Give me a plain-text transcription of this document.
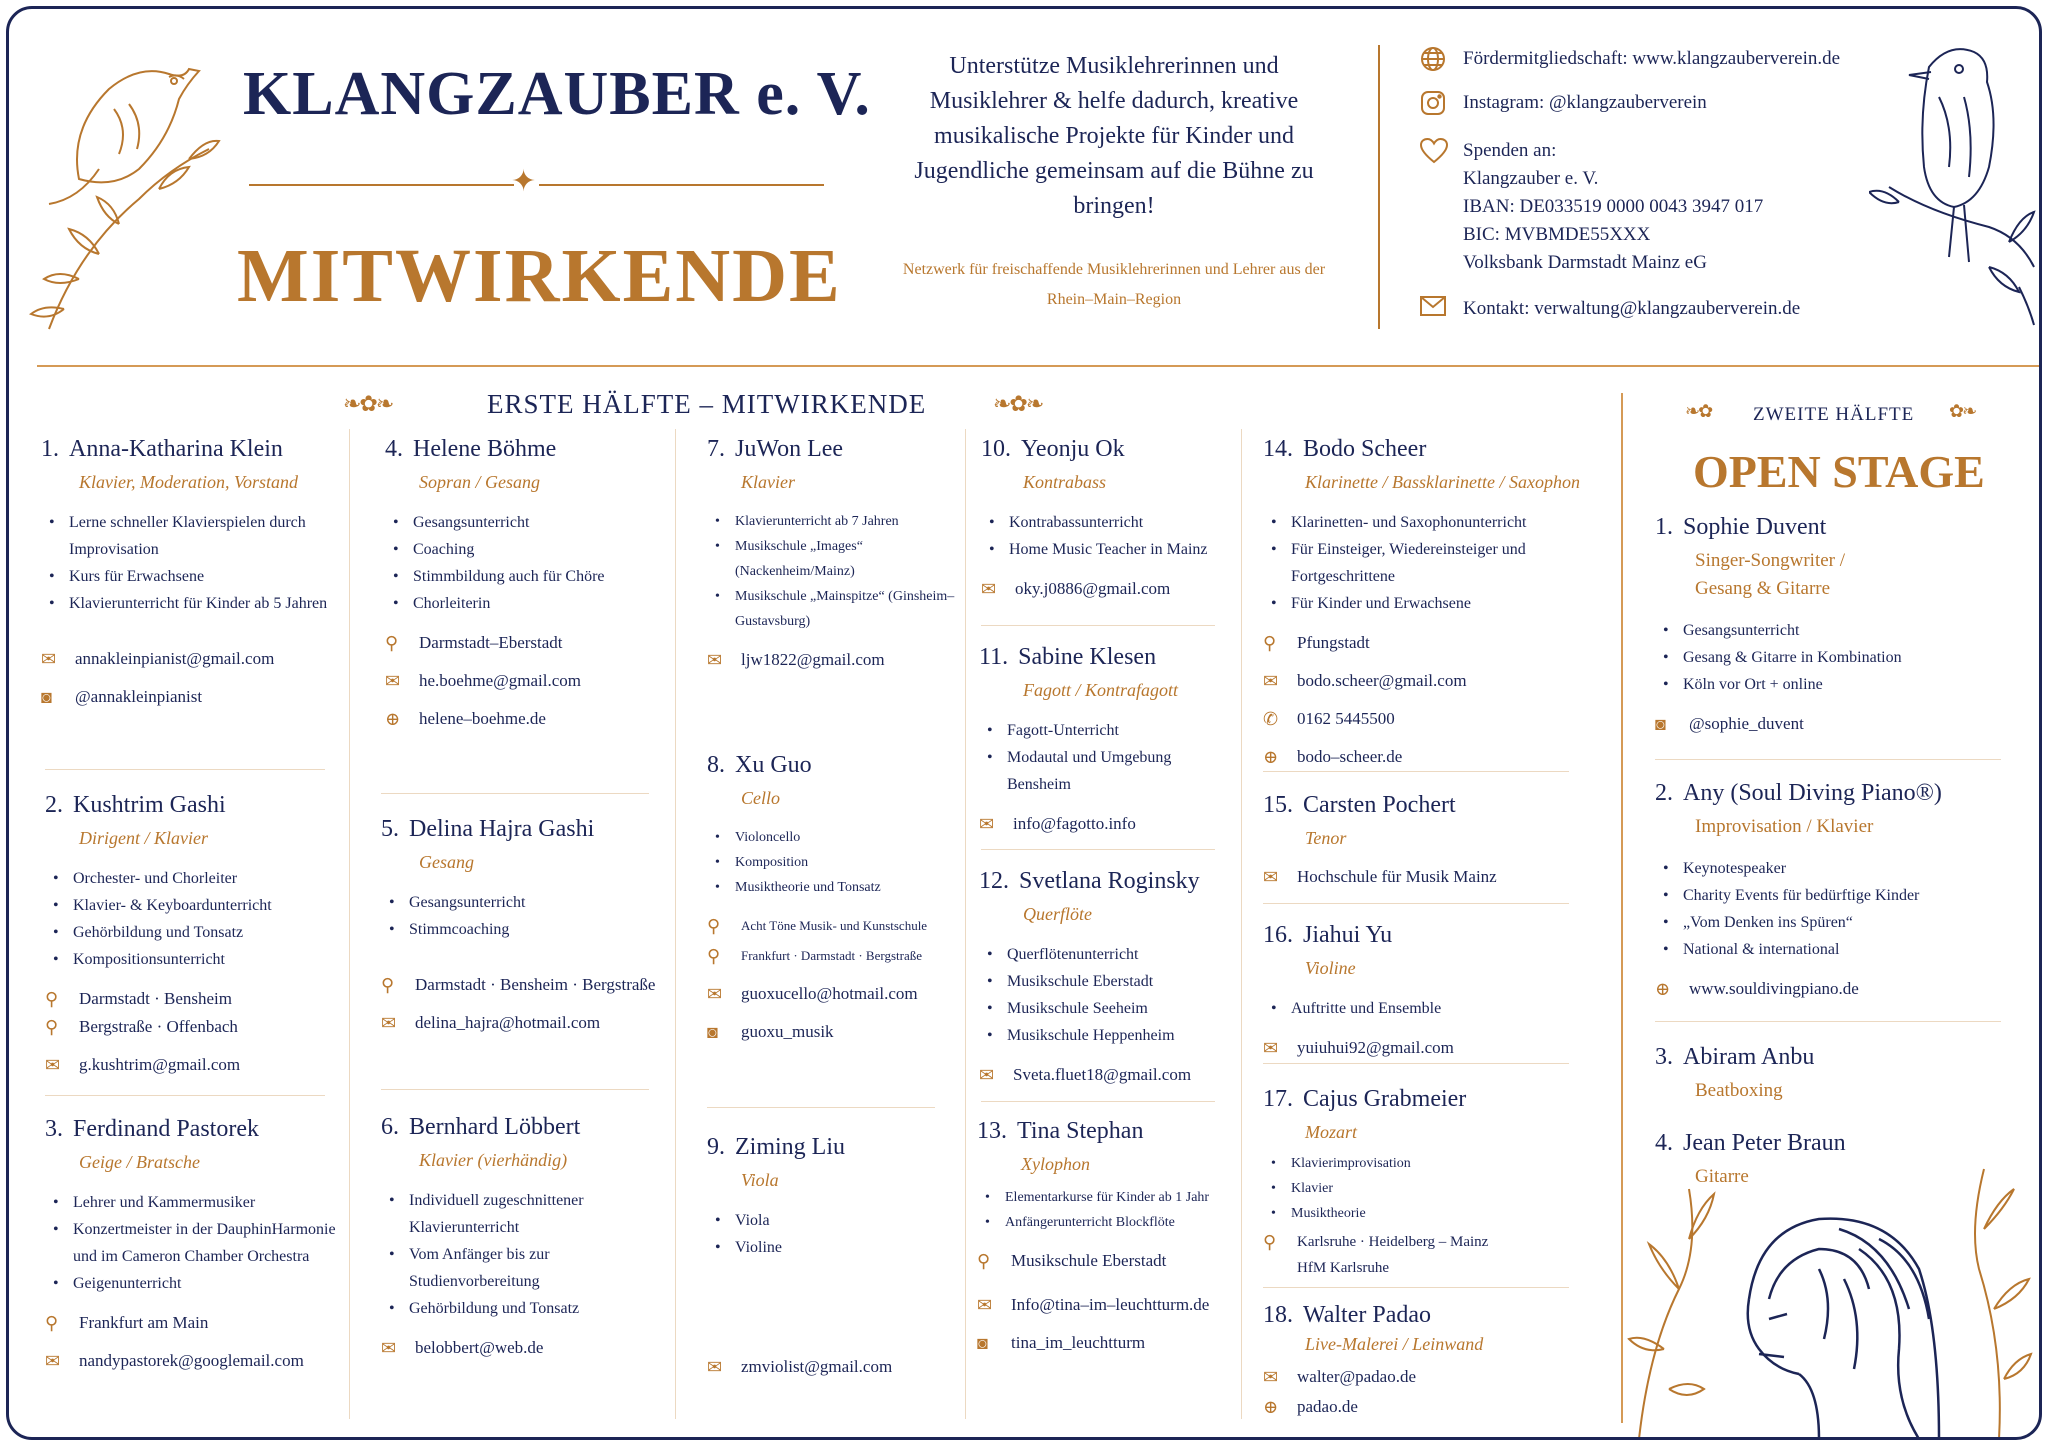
KLANGZAUBER e. V.
✦
MITWIRKENDE
Unterstütze Musiklehrerinnen und Musiklehrer & helfe dadurch, kreative musikalische Projekte für Kinder und Jugendliche gemeinsam auf die Bühne zu bringen!
Netzwerk für freischaffende Musiklehrerinnen und Lehrer aus der Rhein–Main–Region
Fördermitgliedschaft: www.klangzauberverein.de
Instagram: @klangzauberverein
Spenden an:
Klangzauber e. V.
IBAN: DE033519 0000 0043 3947 017
BIC: MVBMDE55XXX
Volksbank Darmstadt Mainz eG
Kontakt: verwaltung@klangzauberverein.de
❧✿❧	ERSTE HÄLFTE – MITWIRKENDE	❧✿❧	❧✿ ZWEITE HÄLFTE ✿❧
OPEN STAGE
1. Anna-Katharina Klein
Klavier, Moderation, Vorstand
• Lerne schneller Klavierspielen durch Improvisation
• Kurs für Erwachsene
• Klavierunterricht für Kinder ab 5 Jahren
✉	annakleinpianist@gmail.com
◙	@annakleinpianist
2. Kushtrim Gashi
Dirigent / Klavier
• Orchester- und Chorleiter
• Klavier- & Keyboardunterricht
• Gehörbildung und Tonsatz
• Kompositionsunterricht
⚲	Darmstadt · Bensheim
⚲	Bergstraße · Offenbach
✉	g.kushtrim@gmail.com
3. Ferdinand Pastorek
Geige / Bratsche
• Lehrer und Kammermusiker
• Konzertmeister in der DauphinHarmonie und im Cameron Chamber Orchestra
• Geigenunterricht
⚲	Frankfurt am Main
✉	nandypastorek@googlemail.com
4. Helene Böhme
Sopran / Gesang
• Gesangsunterricht
• Coaching
• Stimmbildung auch für Chöre
• Chorleiterin
⚲	Darmstadt–Eberstadt
✉	he.boehme@gmail.com
⊕	helene–boehme.de
5. Delina Hajra Gashi
Gesang
• Gesangsunterricht
• Stimmcoaching
⚲	Darmstadt · Bensheim · Bergstraße
✉	delina_hajra@hotmail.com
6. Bernhard Löbbert
Klavier (vierhändig)
• Individuell zugeschnittener Klavierunterricht
• Vom Anfänger bis zur Studienvorbereitung
• Gehörbildung und Tonsatz
✉	belobbert@web.de
7. JuWon Lee
Klavier
• Klavierunterricht ab 7 Jahren
• Musikschule „Images“ (Nackenheim/Mainz)
• Musikschule „Mainspitze“ (Ginsheim–Gustavsburg)
✉	ljw1822@gmail.com
8. Xu Guo
Cello
• Violoncello
• Komposition
• Musiktheorie und Tonsatz
⚲	Acht Töne Musik- und Kunstschule
⚲	Frankfurt · Darmstadt · Bergstraße
✉	guoxucello@hotmail.com
◙	guoxu_musik
9. Ziming Liu
Viola
• Viola
• Violine
✉	zmviolist@gmail.com
10. Yeonju Ok
Kontrabass
• Kontrabassunterricht
• Home Music Teacher in Mainz
✉	oky.j0886@gmail.com
11. Sabine Klesen
Fagott / Kontrafagott
• Fagott-Unterricht
• Modautal und Umgebung Bensheim
✉	info@fagotto.info
12. Svetlana Roginsky
Querflöte
• Querflötenunterricht
• Musikschule Eberstadt
• Musikschule Seeheim
• Musikschule Heppenheim
✉	Sveta.fluet18@gmail.com
13. Tina Stephan
Xylophon
• Elementarkurse für Kinder ab 1 Jahr
• Anfängerunterricht Blockflöte
⚲	Musikschule Eberstadt
✉	Info@tina–im–leuchtturm.de
◙	tina_im_leuchtturm
14. Bodo Scheer
Klarinette / Bassklarinette / Saxophon
• Klarinetten- und Saxophonunterricht
• Für Einsteiger, Wiedereinsteiger und Fortgeschrittene
• Für Kinder und Erwachsene
⚲	Pfungstadt
✉	bodo.scheer@gmail.com
✆	0162 5445500
⊕	bodo–scheer.de
15. Carsten Pochert
Tenor
✉	Hochschule für Musik Mainz
16. Jiahui Yu
Violine
• Auftritte und Ensemble
✉	yuiuhui92@gmail.com
17. Cajus Grabmeier
Mozart
• Klavierimprovisation
• Klavier
• Musiktheorie
⚲	Karlsruhe · Heidelberg – Mainz
HfM Karlsruhe
18. Walter Padao
Live-Malerei / Leinwand
✉	walter@padao.de
⊕	padao.de
1. Sophie Duvent
Singer-Songwriter /
Gesang & Gitarre
• Gesangsunterricht
• Gesang & Gitarre in Kombination
• Köln vor Ort + online
◙	@sophie_duvent
2. Any (Soul Diving Piano®)
Improvisation / Klavier
• Keynotespeaker
• Charity Events für bedürftige Kinder
• „Vom Denken ins Spüren“
• National & international
⊕	www.souldivingpiano.de
3. Abiram Anbu
Beatboxing
4. Jean Peter Braun
Gitarre
